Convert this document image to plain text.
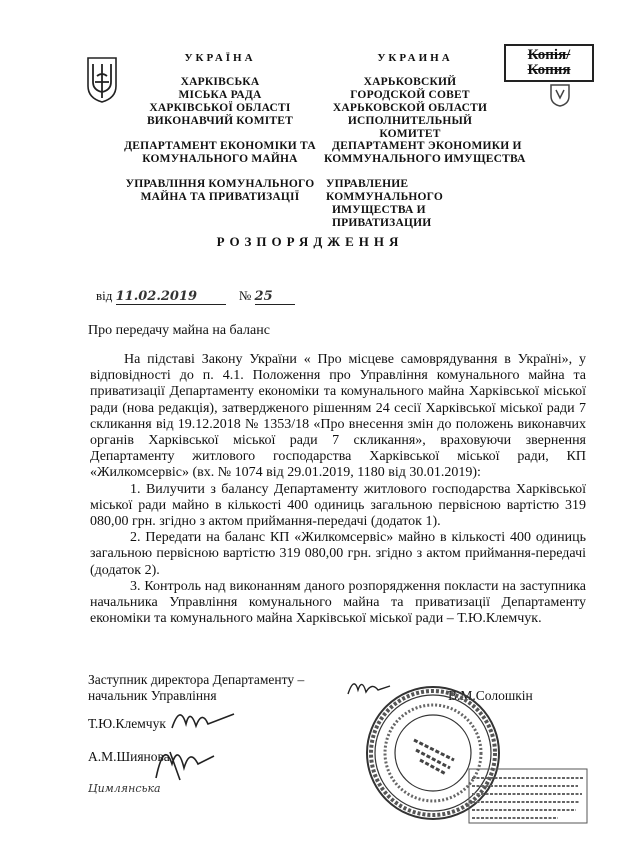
УКРАЇНА
ХАРКІВСЬКА
МІСЬКА РАДА
ХАРКІВСЬКОЇ ОБЛАСТІ
ВИКОНАВЧИЙ КОМІТЕТ
ДЕПАРТАМЕНТ ЕКОНОМІКИ ТА
КОМУНАЛЬНОГО МАЙНА
УПРАВЛІННЯ КОМУНАЛЬНОГО
МАЙНА ТА ПРИВАТИЗАЦІЇ
УКРАИНА
ХАРЬКОВСКИЙ
ГОРОДСКОЙ СОВЕТ
ХАРЬКОВСКОЙ ОБЛАСТИ
ИСПОЛНИТЕЛЬНЫЙ КОМИТЕТ
ДЕПАРТАМЕНТ ЭКОНОМИКИ И
КОММУНАЛЬНОГО ИМУЩЕСТВА
УПРАВЛЕНИЕ КОММУНАЛЬНОГО
ИМУЩЕСТВА И ПРИВАТИЗАЦИИ
Копія/
Копия
РОЗПОРЯДЖЕННЯ
від 11.02.2019	№ 25
Про передачу майна на баланс

На підставі Закону України « Про місцеве самоврядування в Україні», у відповідності до п. 4.1. Положення про Управління комунального майна та приватизації Департаменту економіки та комунального майна Харківської міської ради (нова редакція), затвердженого рішенням 24 сесії Харківської міської ради 7 скликання від 19.12.2018 № 1353/18 «Про внесення змін до положень виконавчих органів Харківської міської ради 7 скликання», враховуючи звернення Департаменту житлового господарства Харківської міської ради, КП «Жилкомсервіс» (вх. № 1074 від 29.01.2019, 1180 від 30.01.2019):

1. Вилучити з балансу Департаменту житлового господарства Харківської міської ради майно в кількості 400 одиниць загальною первісною вартістю 319 080,00 грн. згідно з актом приймання-передачі (додаток 1).

2. Передати на баланс КП «Жилкомсервіс» майно в кількості 400 одиниць загальною первісною вартістю 319 080,00 грн. згідно з актом приймання-передачі (додаток 2).

3. Контроль над виконанням даного розпорядження покласти на заступника начальника Управління комунального майна та приватизації Департаменту економіки та комунального майна Харківської міської ради – Т.Ю.Клемчук.

Заступник директора Департаменту –
начальник Управління	В.М.Солошкін
Т.Ю.Клемчук
А.М.Шиянова
Цимлянська
